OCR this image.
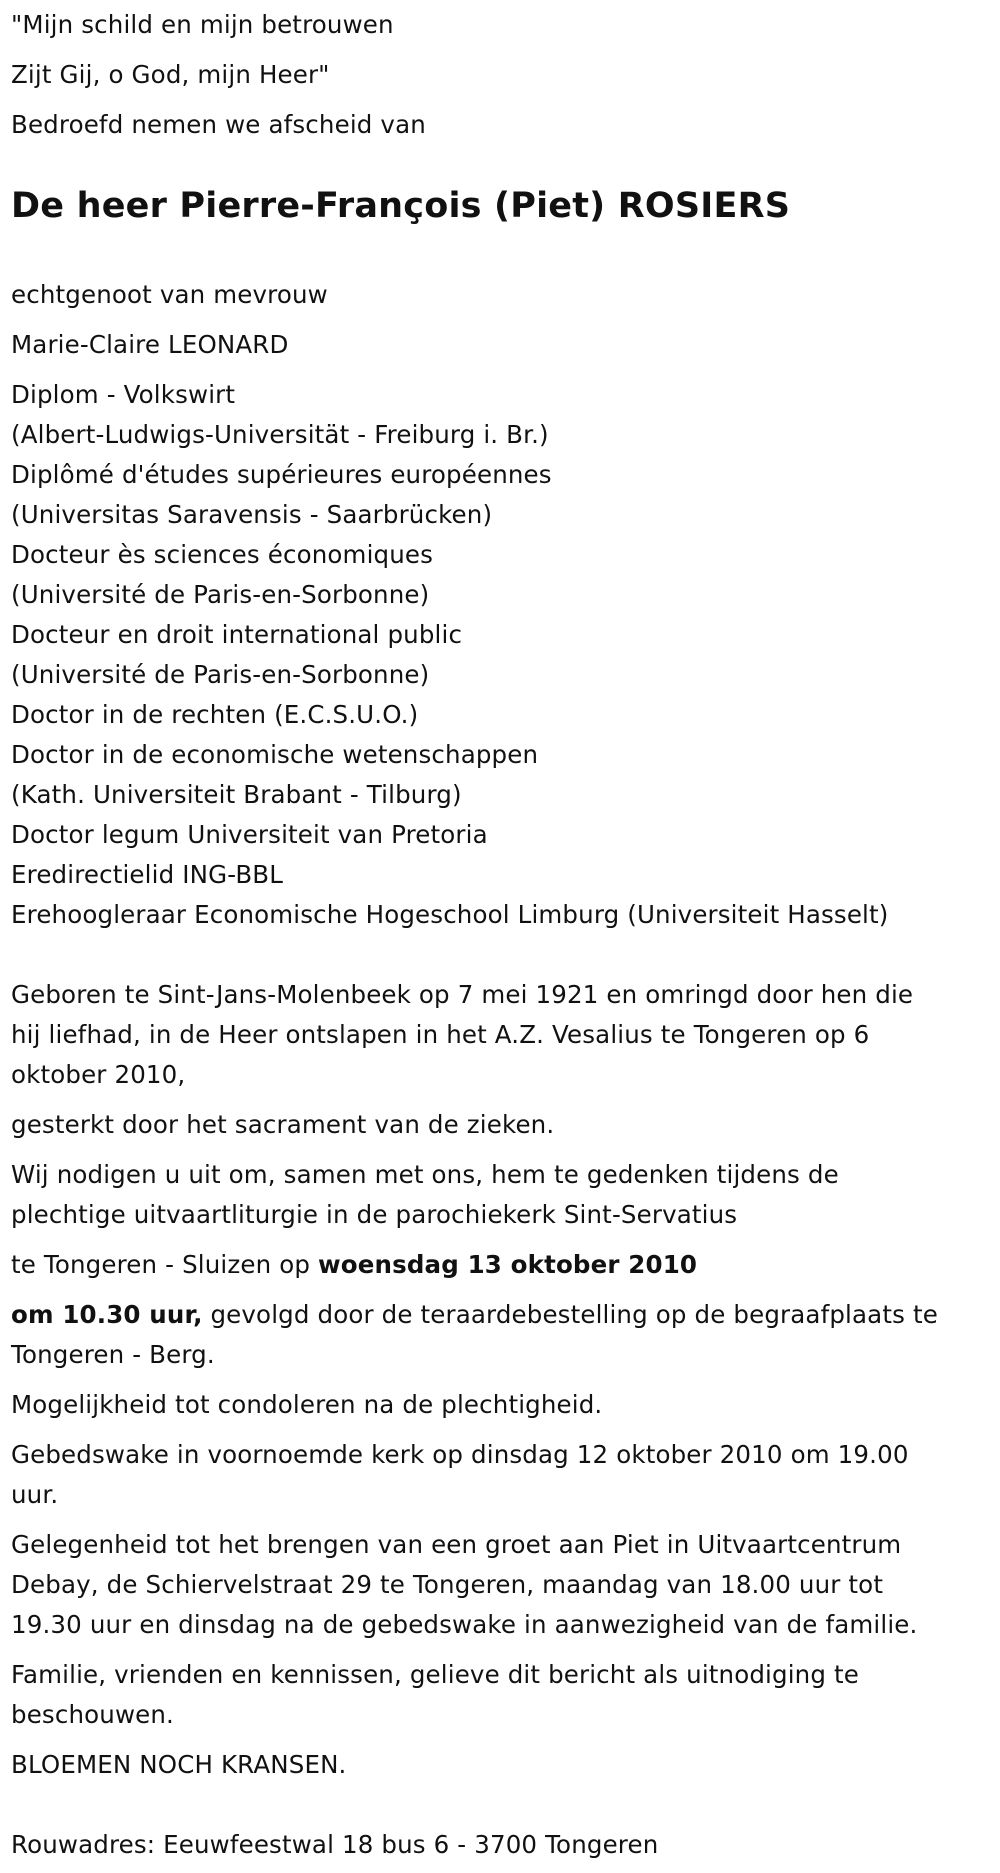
"Mijn schild en mijn betrouwen

Zijt Gij, o God, mijn Heer"

Bedroefd nemen we afscheid van

De heer Pierre-François (Piet) ROSIERS

echtgenoot van mevrouw

Marie-Claire LEONARD

Diplom - Volkswirt

(Albert-Ludwigs-Universität - Freiburg i. Br.)

Diplômé d'études supérieures européennes

(Universitas Saravensis - Saarbrücken)

Docteur ès sciences économiques

(Université de Paris-en-Sorbonne)

Docteur en droit international public

(Université de Paris-en-Sorbonne)

Doctor in de rechten (E.C.S.U.O.)

Doctor in de economische wetenschappen

(Kath. Universiteit Brabant - Tilburg)

Doctor legum Universiteit van Pretoria

Eredirectielid ING-BBL

Erehoogleraar Economische Hogeschool Limburg (Universiteit Hasselt)

Geboren te Sint-Jans-Molenbeek op 7 mei 1921 en omringd door hen die

hij liefhad, in de Heer ontslapen in het A.Z. Vesalius te Tongeren op 6

oktober 2010,

gesterkt door het sacrament van de zieken.

Wij nodigen u uit om, samen met ons, hem te gedenken tijdens de

plechtige uitvaartliturgie in de parochiekerk Sint-Servatius

te Tongeren - Sluizen op woensdag 13 oktober 2010

om 10.30 uur, gevolgd door de teraardebestelling op de begraafplaats te

Tongeren - Berg.

Mogelijkheid tot condoleren na de plechtigheid.

Gebedswake in voornoemde kerk op dinsdag 12 oktober 2010 om 19.00

uur.

Gelegenheid tot het brengen van een groet aan Piet in Uitvaartcentrum

Debay, de Schiervelstraat 29 te Tongeren, maandag van 18.00 uur tot

19.30 uur en dinsdag na de gebedswake in aanwezigheid van de familie.

Familie, vrienden en kennissen, gelieve dit bericht als uitnodiging te

beschouwen.

BLOEMEN NOCH KRANSEN.

Rouwadres: Eeuwfeestwal 18 bus 6 - 3700 Tongeren
